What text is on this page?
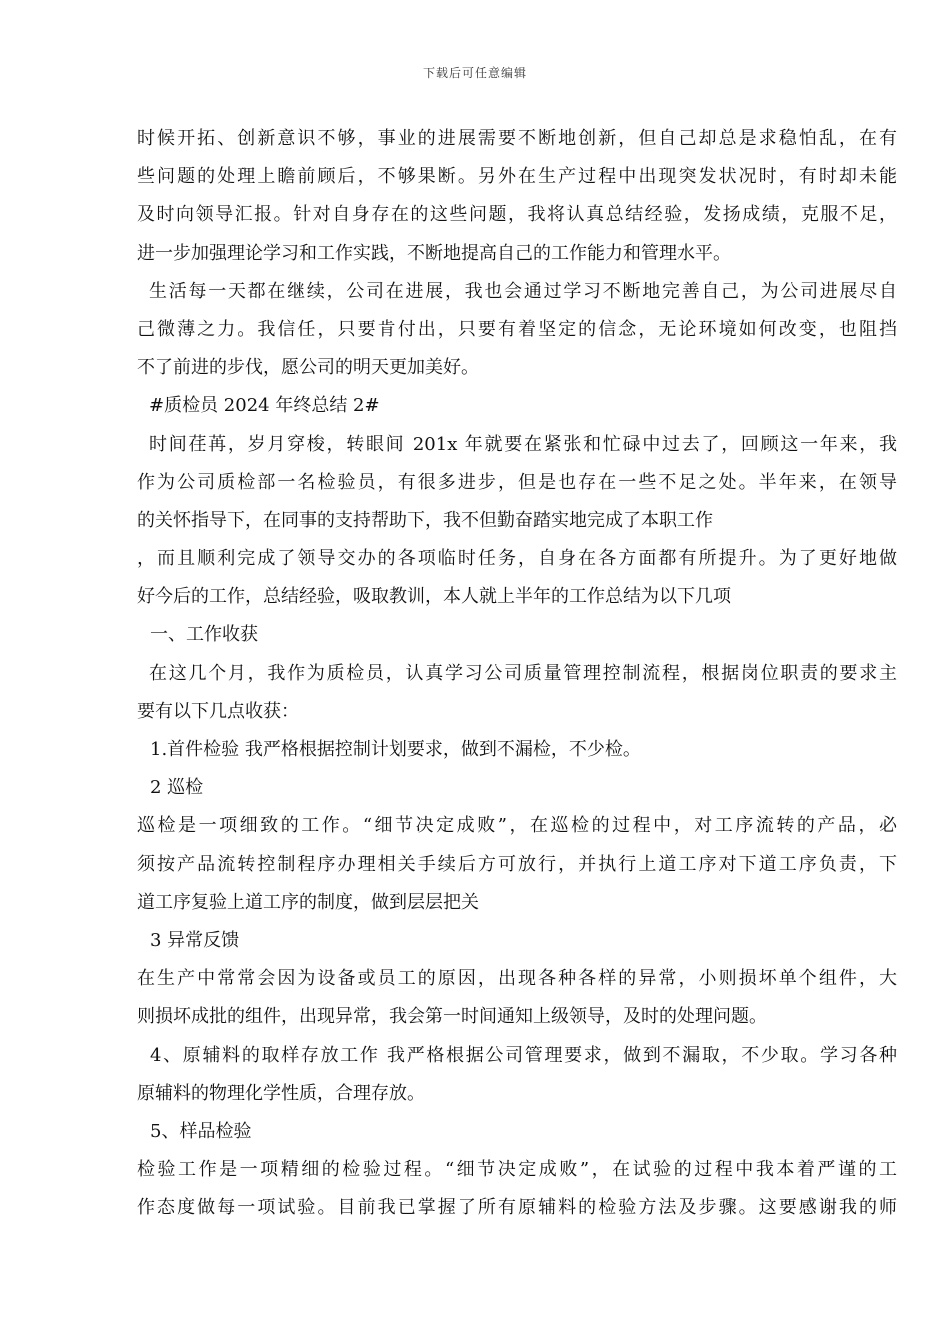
下载后可任意编辑
时候开拓、创新意识不够，事业的进展需要不断地创新，但自己却总是求稳怕乱，在有
些问题的处理上瞻前顾后，不够果断。另外在生产过程中出现突发状况时，有时却未能
及时向领导汇报。针对自身存在的这些问题，我将认真总结经验，发扬成绩，克服不足，
进一步加强理论学习和工作实践，不断地提高自己的工作能力和管理水平。
生活每一天都在继续，公司在进展，我也会通过学习不断地完善自己，为公司进展尽自
己微薄之力。我信任，只要肯付出，只要有着坚定的信念，无论环境如何改变，也阻挡
不了前进的步伐，愿公司的明天更加美好。
#质检员 2024 年终总结 2#
时间荏苒，岁月穿梭，转眼间 201x 年就要在紧张和忙碌中过去了，回顾这一年来，我
作为公司质检部一名检验员，有很多进步，但是也存在一些不足之处。半年来，在领导
的关怀指导下，在同事的支持帮助下，我不但勤奋踏实地完成了本职工作
，而且顺利完成了领导交办的各项临时任务，自身在各方面都有所提升。为了更好地做
好今后的工作，总结经验，吸取教训，本人就上半年的工作总结为以下几项
一、工作收获
在这几个月，我作为质检员，认真学习公司质量管理控制流程，根据岗位职责的要求主
要有以下几点收获：
1.首件检验 我严格根据控制计划要求，做到不漏检，不少检。
2 巡检
巡检是一项细致的工作。“细节决定成败”，在巡检的过程中，对工序流转的产品，必
须按产品流转控制程序办理相关手续后方可放行，并执行上道工序对下道工序负责，下
道工序复验上道工序的制度，做到层层把关
3 异常反馈
在生产中常常会因为设备或员工的原因，出现各种各样的异常，小则损坏单个组件，大
则损坏成批的组件，出现异常，我会第一时间通知上级领导，及时的处理问题。
4、原辅料的取样存放工作 我严格根据公司管理要求，做到不漏取，不少取。学习各种
原辅料的物理化学性质，合理存放。
5、样品检验
检验工作是一项精细的检验过程。“细节决定成败”，在试验的过程中我本着严谨的工
作态度做每一项试验。目前我已掌握了所有原辅料的检验方法及步骤。这要感谢我的师
